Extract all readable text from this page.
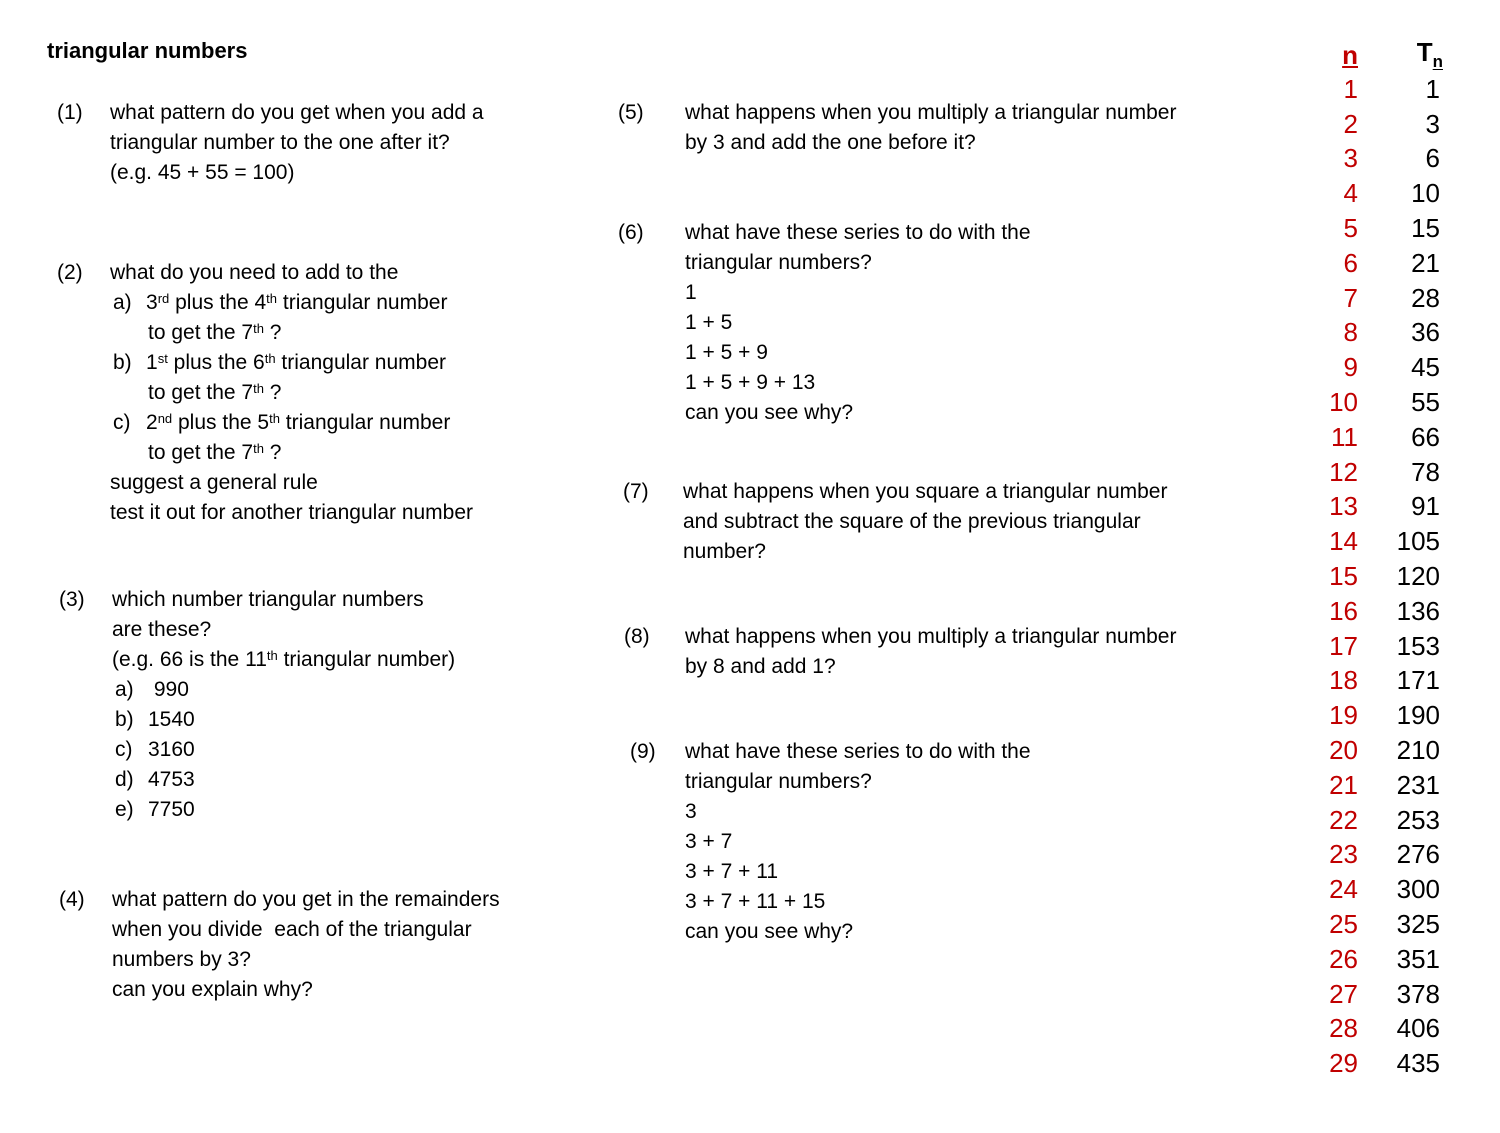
triangular numbers
(1) what pattern do you get when you add a
triangular number to the one after it?
(e.g. 45 + 55 = 100)
(2) what do you need to add to the
a) 3rd plus the 4th triangular number
to get the 7th ?
b) 1st plus the 6th triangular number
to get the 7th ?
c) 2nd plus the 5th triangular number
to get the 7th ?
suggest a general rule
test it out for another triangular number
(3) which number triangular numbers
are these?
(e.g. 66 is the 11th triangular number)
a) 990
b) 1540
c) 3160
d) 4753
e) 7750
(4) what pattern do you get in the remainders
when you divide  each of the triangular
numbers by 3?
can you explain why?
(5) what happens when you multiply a triangular number
by 3 and add the one before it?
(6) what have these series to do with the
triangular numbers?
1
1 + 5
1 + 5 + 9
1 + 5 + 9 + 13
can you see why?
(7) what happens when you square a triangular number
and subtract the square of the previous triangular
number?
(8) what happens when you multiply a triangular number
by 8 and add 1?
(9) what have these series to do with the
triangular numbers?
3
3 + 7
3 + 7 + 11
3 + 7 + 11 + 15
can you see why?
n	$T_n$
1	1
2	3
3	6
4	10
5	15
6	21
7	28
8	36
9	45
10	55
11	66
12	78
13	91
14	105
15	120
16	136
17	153
18	171
19	190
20	210
21	231
22	253
23	276
24	300
25	325
26	351
27	378
28	406
29	435
